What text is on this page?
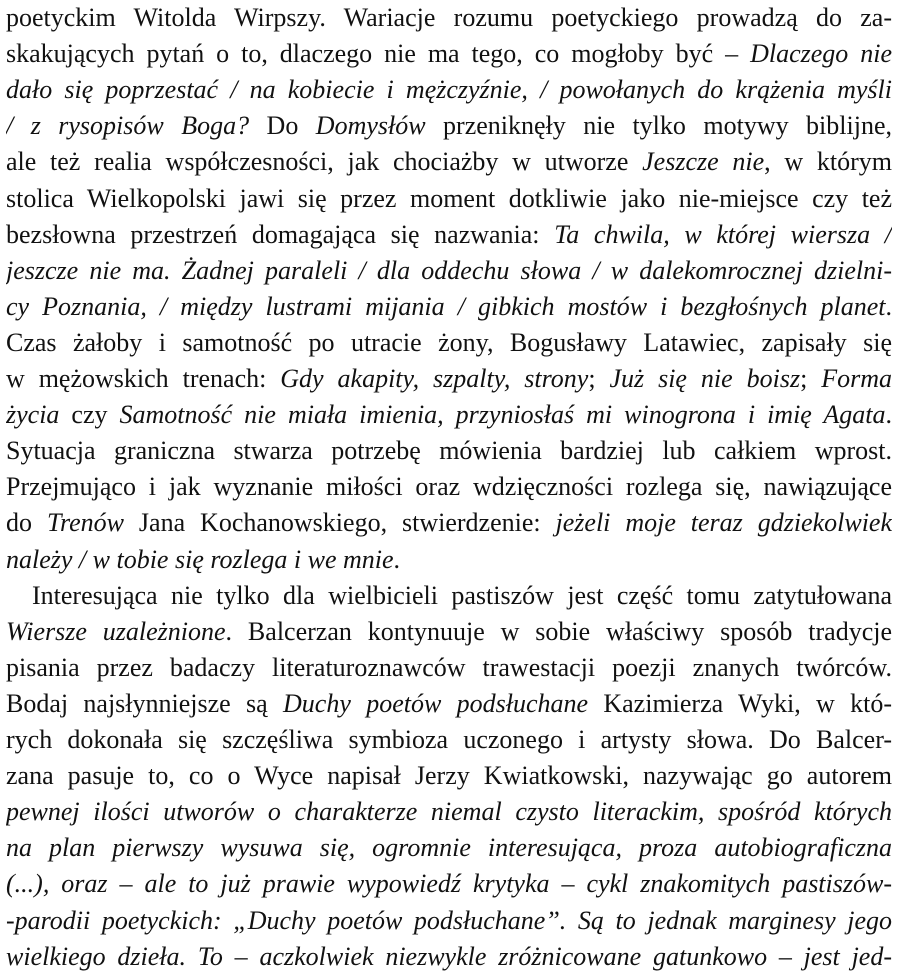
poetyckim Witolda Wirpszy. Wariacje rozumu poetyckiego prowadzą do za-
skakujących pytań o to, dlaczego nie ma tego, co mogłoby być – Dlaczego nie
dało się poprzestać / na kobiecie i mężczyźnie, / powołanych do krążenia myśli
/ z rysopisów Boga? Do Domysłów przeniknęły nie tylko motywy biblijne,
ale też realia współczesności, jak chociażby w utworze Jeszcze nie, w którym
stolica Wielkopolski jawi się przez moment dotkliwie jako nie-miejsce czy też
bezsłowna przestrzeń domagająca się nazwania: Ta chwila, w której wiersza /
jeszcze nie ma. Żadnej paraleli / dla oddechu słowa / w dalekomrocznej dzielni-
cy Poznania, / między lustrami mijania / gibkich mostów i bezgłośnych planet.
Czas żałoby i samotność po utracie żony, Bogusławy Latawiec, zapisały się
w mężowskich trenach: Gdy akapity, szpalty, strony; Już się nie boisz; Forma
życia czy Samotność nie miała imienia, przyniosłaś mi winogrona i imię Agata.
Sytuacja graniczna stwarza potrzebę mówienia bardziej lub całkiem wprost.
Przejmująco i jak wyznanie miłości oraz wdzięczności rozlega się, nawiązujące
do Trenów Jana Kochanowskiego, stwierdzenie: jeżeli moje teraz gdziekolwiek
należy / w tobie się rozlega i we mnie.
Interesująca nie tylko dla wielbicieli pastiszów jest część tomu zatytułowana
Wiersze uzależnione. Balcerzan kontynuuje w sobie właściwy sposób tradycje
pisania przez badaczy literaturoznawców trawestacji poezji znanych twórców.
Bodaj najsłynniejsze są Duchy poetów podsłuchane Kazimierza Wyki, w któ-
rych dokonała się szczęśliwa symbioza uczonego i artysty słowa. Do Balcer-
zana pasuje to, co o Wyce napisał Jerzy Kwiatkowski, nazywając go autorem
pewnej ilości utworów o charakterze niemal czysto literackim, spośród których
na plan pierwszy wysuwa się, ogromnie interesująca, proza autobiograficzna
(...), oraz – ale to już prawie wypowiedź krytyka – cykl znakomitych pastiszów-
-parodii poetyckich: „Duchy poetów podsłuchane”. Są to jednak marginesy jego
wielkiego dzieła. To – aczkolwiek niezwykle zróżnicowane gatunkowo – jest jed-
